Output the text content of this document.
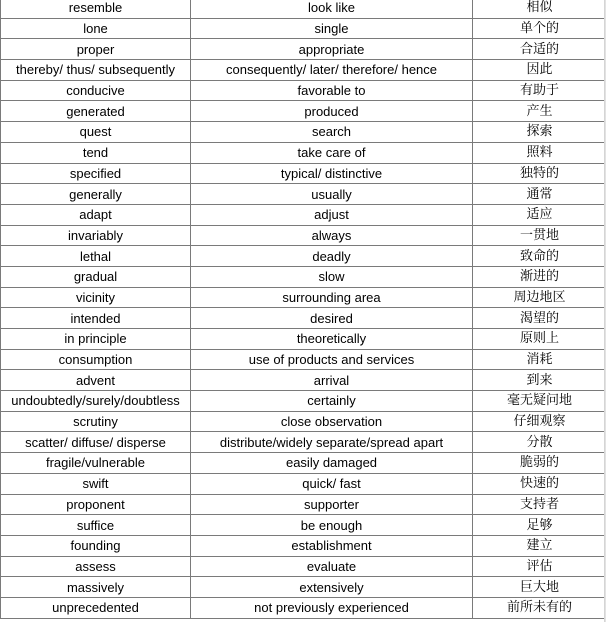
resemble	look like	相似
lone	single	单个的
proper	appropriate	合适的
thereby/ thus/ subsequently	consequently/ later/ therefore/ hence	因此
conducive	favorable to	有助于
generated	produced	产生
quest	search	探索
tend	take care of	照料
specified	typical/ distinctive	独特的
generally	usually	通常
adapt	adjust	适应
invariably	always	一贯地
lethal	deadly	致命的
gradual	slow	渐进的
vicinity	surrounding area	周边地区
intended	desired	渴望的
in principle	theoretically	原则上
consumption	use of products and services	消耗
advent	arrival	到来
undoubtedly/surely/doubtless	certainly	毫无疑问地
scrutiny	close observation	仔细观察
scatter/ diffuse/ disperse	distribute/widely separate/spread apart	分散
fragile/vulnerable	easily damaged	脆弱的
swift	quick/ fast	快速的
proponent	supporter	支持者
suffice	be enough	足够
founding	establishment	建立
assess	evaluate	评估
massively	extensively	巨大地
unprecedented	not previously experienced	前所未有的
